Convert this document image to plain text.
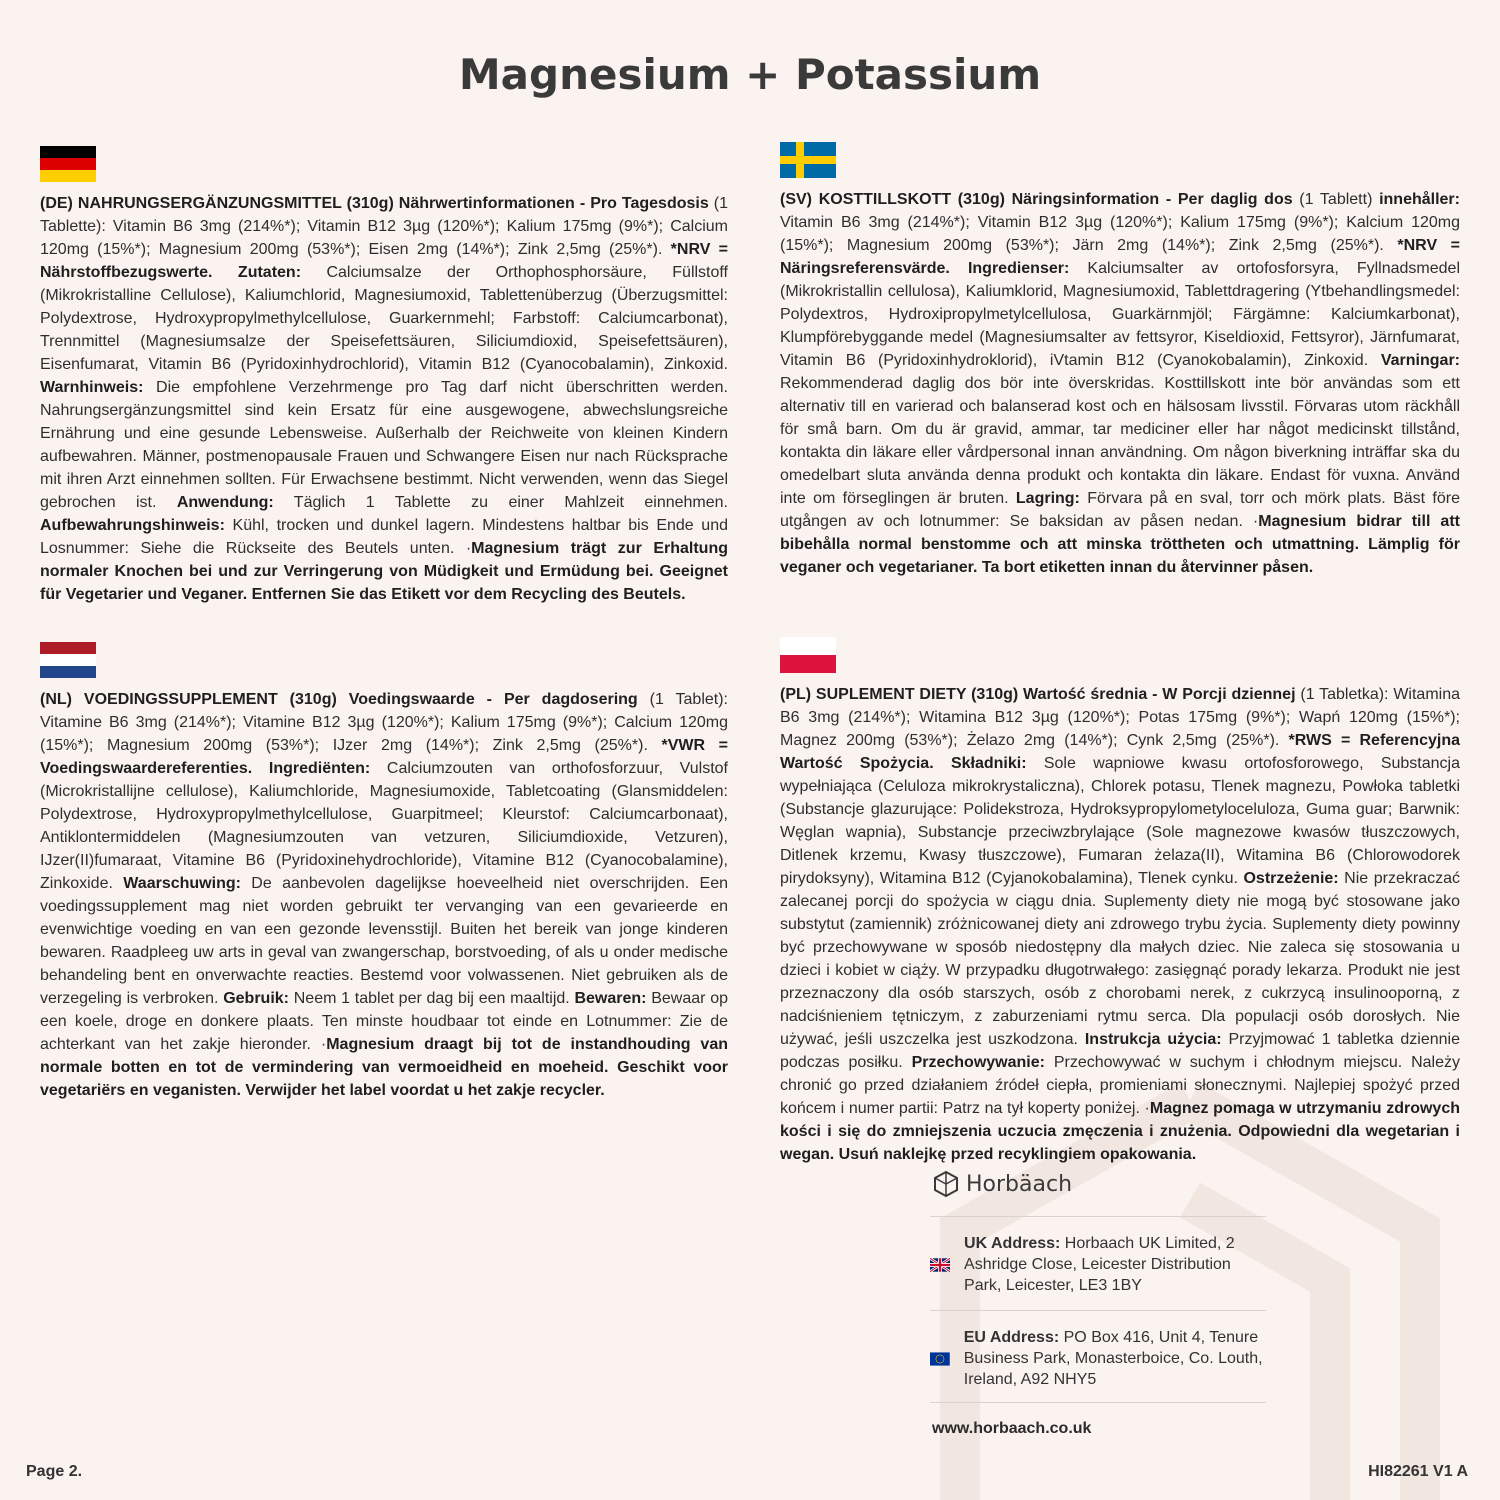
Magnesium + Potassium

(DE) NAHRUNGSERGÄNZUNGSMITTEL (310g) Nährwertinformationen - Pro Tagesdosis (1 Tablette): Vitamin B6 3mg (214%*); Vitamin B12 3µg (120%*); Kalium 175mg (9%*); Calcium 120mg (15%*); Magnesium 200mg (53%*); Eisen 2mg (14%*); Zink 2,5mg (25%*). *NRV = Nährstoffbezugswerte. Zutaten: Calciumsalze der Orthophosphorsäure, Füllstoff (Mikrokristalline Cellulose), Kaliumchlorid, Magnesiumoxid, Tablettenüberzug (Überzugsmittel: Polydextrose, Hydroxypropylmethylcellulose, Guarkernmehl; Farbstoff: Calciumcarbonat), Trennmittel (Magnesiumsalze der Speisefettsäuren, Siliciumdioxid, Speisefettsäuren), Eisenfumarat, Vitamin B6 (Pyridoxinhydrochlorid), Vitamin B12 (Cyanocobalamin), Zinkoxid. Warnhinweis: Die empfohlene Verzehrmenge pro Tag darf nicht überschritten werden. Nahrungsergänzungsmittel sind kein Ersatz für eine ausgewogene, abwechslungsreiche Ernährung und eine gesunde Lebensweise. Außerhalb der Reichweite von kleinen Kindern aufbewahren. Männer, postmenopausale Frauen und Schwangere Eisen nur nach Rücksprache mit ihren Arzt einnehmen sollten. Für Erwachsene bestimmt. Nicht verwenden, wenn das Siegel gebrochen ist. Anwendung: Täglich 1 Tablette zu einer Mahlzeit einnehmen. Aufbewahrungshinweis: Kühl, trocken und dunkel lagern. Mindestens haltbar bis Ende und Losnummer: Siehe die Rückseite des Beutels unten. ·Magnesium trägt zur Erhaltung normaler Knochen bei und zur Verringerung von Müdigkeit und Ermüdung bei. Geeignet für Vegetarier und Veganer. Entfernen Sie das Etikett vor dem Recycling des Beutels.

(SV) KOSTTILLSKOTT (310g) Näringsinformation - Per daglig dos (1 Tablett) innehåller: Vitamin B6 3mg (214%*); Vitamin B12 3µg (120%*); Kalium 175mg (9%*); Kalcium 120mg (15%*); Magnesium 200mg (53%*); Järn 2mg (14%*); Zink 2,5mg (25%*). *NRV = Näringsreferensvärde. Ingredienser: Kalciumsalter av ortofosforsyra, Fyllnadsmedel (Mikrokristallin cellulosa), Kaliumklorid, Magnesiumoxid, Tablettdragering (Ytbehandlingsmedel: Polydextros, Hydroxipropylmetylcellulosa, Guarkärnmjöl; Färgämne: Kalciumkarbonat), Klumpförebyggande medel (Magnesiumsalter av fettsyror, Kiseldioxid, Fettsyror), Järnfumarat, Vitamin B6 (Pyridoxinhydroklorid), iVtamin B12 (Cyanokobalamin), Zinkoxid. Varningar: Rekommenderad daglig dos bör inte överskridas. Kosttillskott inte bör användas som ett alternativ till en varierad och balanserad kost och en hälsosam livsstil. Förvaras utom räckhåll för små barn. Om du är gravid, ammar, tar mediciner eller har något medicinskt tillstånd, kontakta din läkare eller vårdpersonal innan användning. Om någon biverkning inträffar ska du omedelbart sluta använda denna produkt och kontakta din läkare. Endast för vuxna. Använd inte om förseglingen är bruten. Lagring: Förvara på en sval, torr och mörk plats. Bäst före utgången av och lotnummer: Se baksidan av påsen nedan. ·Magnesium bidrar till att bibehålla normal benstomme och att minska tröttheten och utmattning. Lämplig för veganer och vegetarianer. Ta bort etiketten innan du återvinner påsen.

(NL) VOEDINGSSUPPLEMENT (310g) Voedingswaarde - Per dagdosering (1 Tablet): Vitamine B6 3mg (214%*); Vitamine B12 3µg (120%*); Kalium 175mg (9%*); Calcium 120mg (15%*); Magnesium 200mg (53%*); IJzer 2mg (14%*); Zink 2,5mg (25%*). *VWR = Voedingswaardereferenties. Ingrediënten: Calciumzouten van orthofosforzuur, Vulstof (Microkristallijne cellulose), Kaliumchloride, Magnesiumoxide, Tabletcoating (Glansmiddelen: Polydextrose, Hydroxypropylmethylcellulose, Guarpitmeel; Kleurstof: Calciumcarbonaat), Antiklontermiddelen (Magnesiumzouten van vetzuren, Siliciumdioxide, Vetzuren), IJzer(II)fumaraat, Vitamine B6 (Pyridoxinehydrochloride), Vitamine B12 (Cyanocobalamine), Zinkoxide. Waarschuwing: De aanbevolen dagelijkse hoeveelheid niet overschrijden. Een voedingssupplement mag niet worden gebruikt ter vervanging van een gevarieerde en evenwichtige voeding en van een gezonde levensstijl. Buiten het bereik van jonge kinderen bewaren. Raadpleeg uw arts in geval van zwangerschap, borstvoeding, of als u onder medische behandeling bent en onverwachte reacties. Bestemd voor volwassenen. Niet gebruiken als de verzegeling is verbroken. Gebruik: Neem 1 tablet per dag bij een maaltijd. Bewaren: Bewaar op een koele, droge en donkere plaats. Ten minste houdbaar tot einde en Lotnummer: Zie de achterkant van het zakje hieronder. ·Magnesium draagt bij tot de instandhouding van normale botten en tot de vermindering van vermoeidheid en moeheid. Geschikt voor vegetariërs en veganisten. Verwijder het label voordat u het zakje recycler.

(PL) SUPLEMENT DIETY (310g) Wartość średnia - W Porcji dziennej (1 Tabletka): Witamina B6 3mg (214%*); Witamina B12 3µg (120%*); Potas 175mg (9%*); Wapń 120mg (15%*); Magnez 200mg (53%*); Żelazo 2mg (14%*); Cynk 2,5mg (25%*). *RWS = Referencyjna Wartość Spożycia. Składniki: Sole wapniowe kwasu ortofosforowego, Substancja wypełniająca (Celuloza mikrokrystaliczna), Chlorek potasu, Tlenek magnezu, Powłoka tabletki (Substancje glazurujące: Polidekstroza, Hydroksypropylometyloceluloza, Guma guar; Barwnik: Węglan wapnia), Substancje przeciwzbrylające (Sole magnezowe kwasów tłuszczowych, Ditlenek krzemu, Kwasy tłuszczowe), Fumaran żelaza(II), Witamina B6 (Chlorowodorek pirydoksyny), Witamina B12 (Cyjanokobalamina), Tlenek cynku. Ostrzeżenie: Nie przekraczać zalecanej porcji do spożycia w ciągu dnia. Suplementy diety nie mogą być stosowane jako substytut (zamiennik) zróżnicowanej diety ani zdrowego trybu życia. Suplementy diety powinny być przechowywane w sposób niedostępny dla małych dziec. Nie zaleca się stosowania u dzieci i kobiet w ciąży. W przypadku długotrwałego: zasięgnąć porady lekarza. Produkt nie jest przeznaczony dla osób starszych, osób z chorobami nerek, z cukrzycą insulinooporną, z nadciśnieniem tętniczym, z zaburzeniami rytmu serca. Dla populacji osób dorosłych. Nie używać, jeśli uszczelka jest uszkodzona. Instrukcja użycia: Przyjmować 1 tabletka dziennie podczas posiłku. Przechowywanie: Przechowywać w suchym i chłodnym miejscu. Należy chronić go przed działaniem źródeł ciepła, promieniami słonecznymi. Najlepiej spożyć przed końcem i numer partii: Patrz na tył koperty poniżej. ·Magnez pomaga w utrzymaniu zdrowych kości i się do zmniejszenia uczucia zmęczenia i znużenia. Odpowiedni dla wegetarian i wegan. Usuń naklejkę przed recyklingiem opakowania.

Horbäach
UK Address: Horbaach UK Limited, 2 Ashridge Close, Leicester Distribution Park, Leicester, LE3 1BY
EU Address: PO Box 416, Unit 4, Tenure Business Park, Monasterboice, Co. Louth, Ireland, A92 NHY5
www.horbaach.co.uk
Page 2.	HI82261 V1 A
